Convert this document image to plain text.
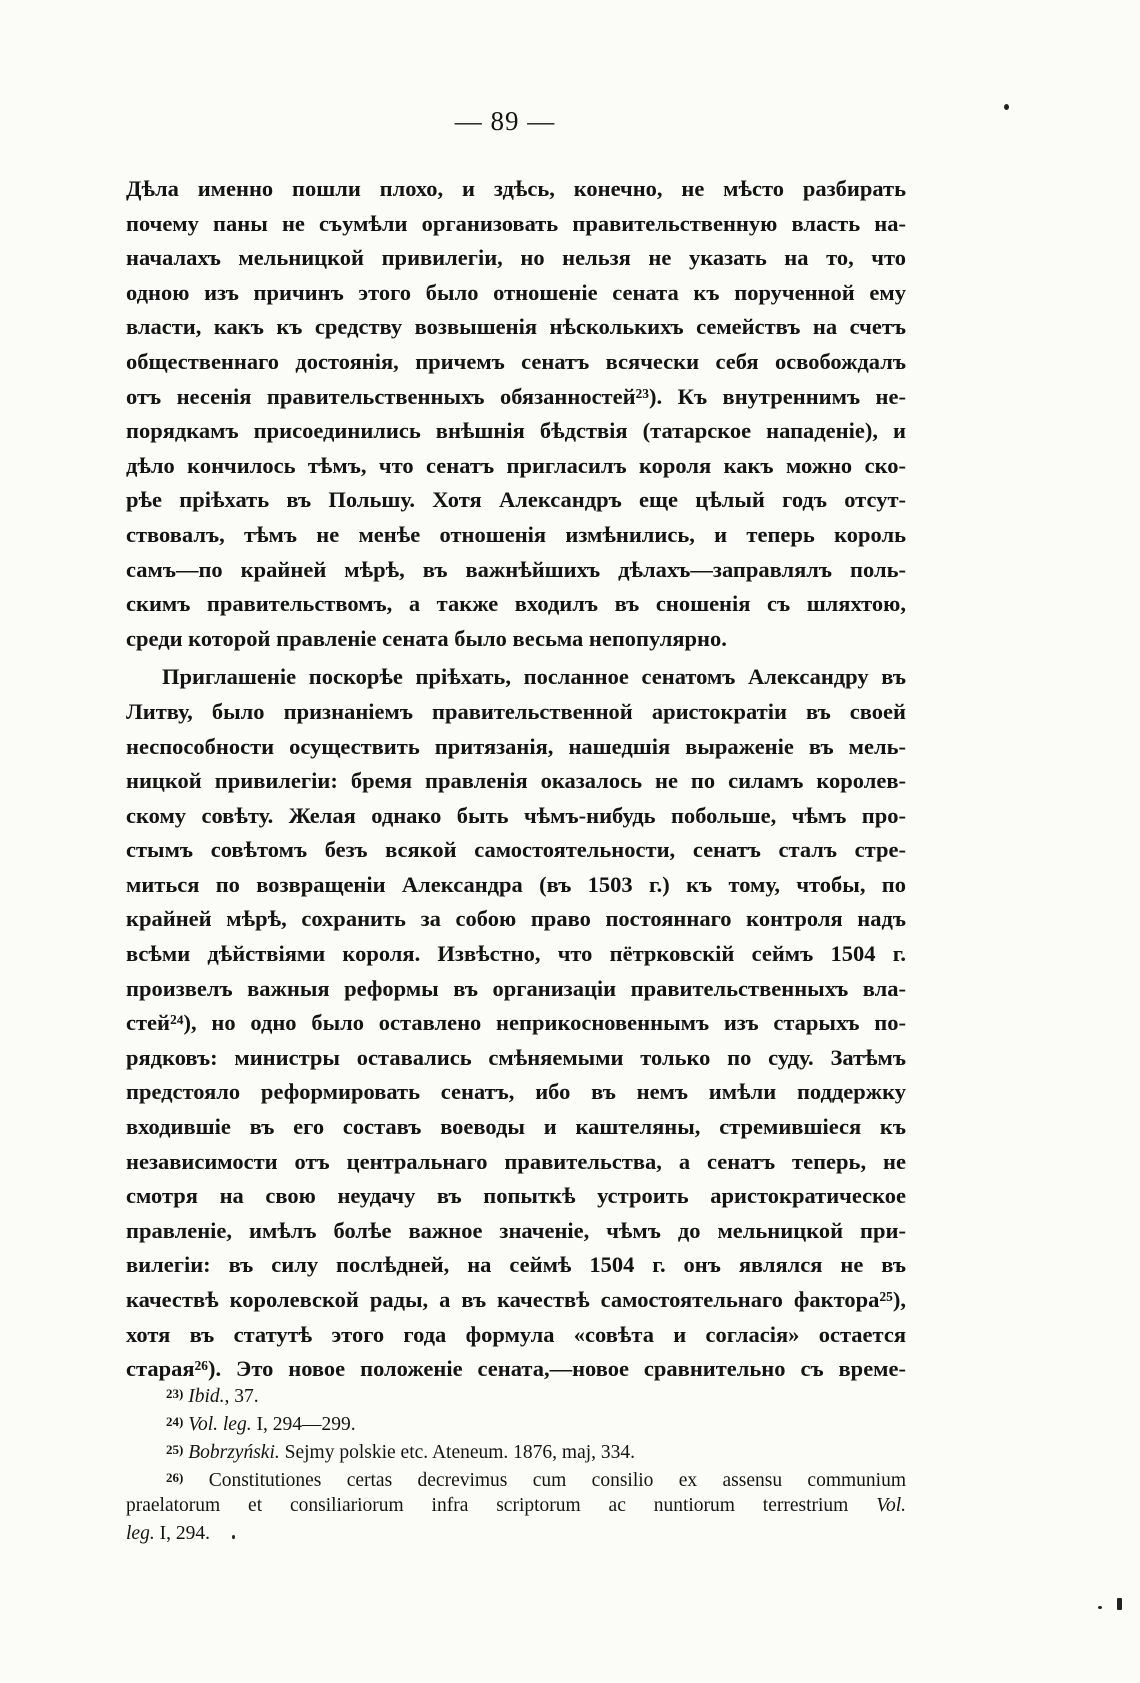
— 89 —
Дѣла именно пошли плохо, и здѣсь, конечно, не мѣсто разбирать
почему паны не съумѣли организовать правительственную власть на-
началахъ мельницкой привилегіи, но нельзя не указать на то, что
одною изъ причинъ этого было отношеніе сената къ порученной ему
власти, какъ къ средству возвышенія нѣсколькихъ семействъ на счетъ
общественнаго достоянія, причемъ сенатъ всячески себя освобождалъ
отъ несенія правительственныхъ обязанностей²³). Къ внутреннимъ не-
порядкамъ присоединились внѣшнія бѣдствія (татарское нападеніе), и
дѣло кончилось тѣмъ, что сенатъ пригласилъ короля какъ можно ско-
рѣе пріѣхать въ Польшу. Хотя Александръ еще цѣлый годъ отсут-
ствовалъ, тѣмъ не менѣе отношенія измѣнились, и теперь король
самъ—по крайней мѣрѣ, въ важнѣйшихъ дѣлахъ—заправлялъ поль-
скимъ правительствомъ, а также входилъ въ сношенія съ шляхтою,
среди которой правленіе сената было весьма непопулярно.
Приглашеніе поскорѣе пріѣхать, посланное сенатомъ Александру въ
Литву, было признаніемъ правительственной аристократіи въ своей
неспособности осуществить притязанія, нашедшія выраженіе въ мель-
ницкой привилегіи: бремя правленія оказалось не по силамъ королев-
скому совѣту. Желая однако быть чѣмъ-нибудь побольше, чѣмъ про-
стымъ совѣтомъ безъ всякой самостоятельности, сенатъ сталъ стре-
миться по возвращеніи Александра (въ 1503 г.) къ тому, чтобы, по
крайней мѣрѣ, сохранить за собою право постояннаго контроля надъ
всѣми дѣйствіями короля. Извѣстно, что пётрковскій сеймъ 1504 г.
произвелъ важныя реформы въ организаціи правительственныхъ вла-
стей²⁴), но одно было оставлено неприкосновеннымъ изъ старыхъ по-
рядковъ: министры оставались смѣняемыми только по суду. Затѣмъ
предстояло реформировать сенатъ, ибо въ немъ имѣли поддержку
входившіе въ его составъ воеводы и каштеляны, стремившіеся къ
независимости отъ центральнаго правительства, а сенатъ теперь, не
смотря на свою неудачу въ попыткѣ устроить аристократическое
правленіе, имѣлъ болѣе важное значеніе, чѣмъ до мельницкой при-
вилегіи: въ силу послѣдней, на сеймѣ 1504 г. онъ являлся не въ
качествѣ королевской рады, а въ качествѣ самостоятельнаго фактора²⁵),
хотя въ статутѣ этого года формула «совѣта и согласія» остается
старая²⁶). Это новое положеніе сената,—новое сравнительно съ време-
$^{23)}$ Ibid., 37.
$^{24)}$ Vol. leg. I, 294—299.
$^{25)}$ Bobrzyński. Sejmy polskie etc. Ateneum. 1876, maj, 334.
$^{26)}$ Constitutiones certas decrevimus cum consilio ex assensu communium
praelatorum et consiliariorum infra scriptorum ac nuntiorum terrestrium Vol.
leg. I, 294.
